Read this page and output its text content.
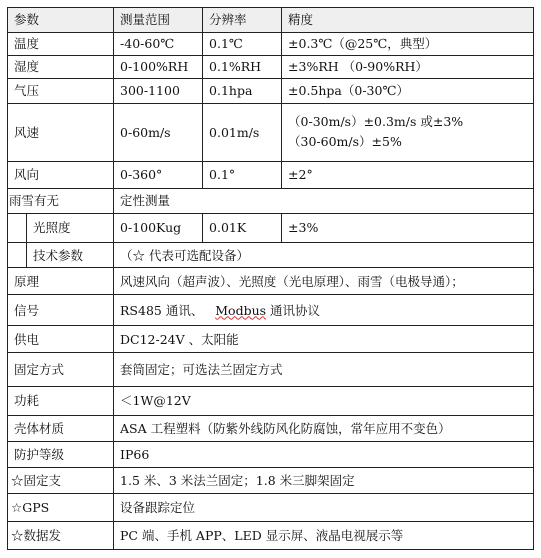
参数		测量范围	分辨率	精度
温度		-40-60℃	0.1℃	±0.3℃（@25℃，典型）
湿度		0-100%RH	0.1%RH	±3%RH （0-90%RH）
气压		300-1100	0.1hpa	±0.5hpa（0-30℃）
风速		0-60m/s	0.01m/s	（0-30m/s）±0.3m/s 或±3%
（30-60m/s）±5%

风向		0-360°	0.1°	±2°
雨雪有无		定性测量		
	光照度	0-100Kug	0.01K	±3%
	技术参数	（☆ 代表可选配设备）		
原理		风速风向（超声波）、光照度（光电原理）、雨雪（电极导通）；		
信号		RS485 通讯、 Modbus 通讯协议		
供电		DC12-24V 、太阳能		
固定方式		套筒固定；可选法兰固定方式		
功耗		＜1W@12V		
壳体材质		ASA 工程塑料（防紫外线防风化防腐蚀，常年应用不变色）		
防护等级		IP66		
☆固定支		1.5 米、3 米法兰固定；1.8 米三脚架固定		
☆GPS		设备跟踪定位		
☆数据发		PC 端、手机 APP、LED 显示屏、液晶电视展示等		
